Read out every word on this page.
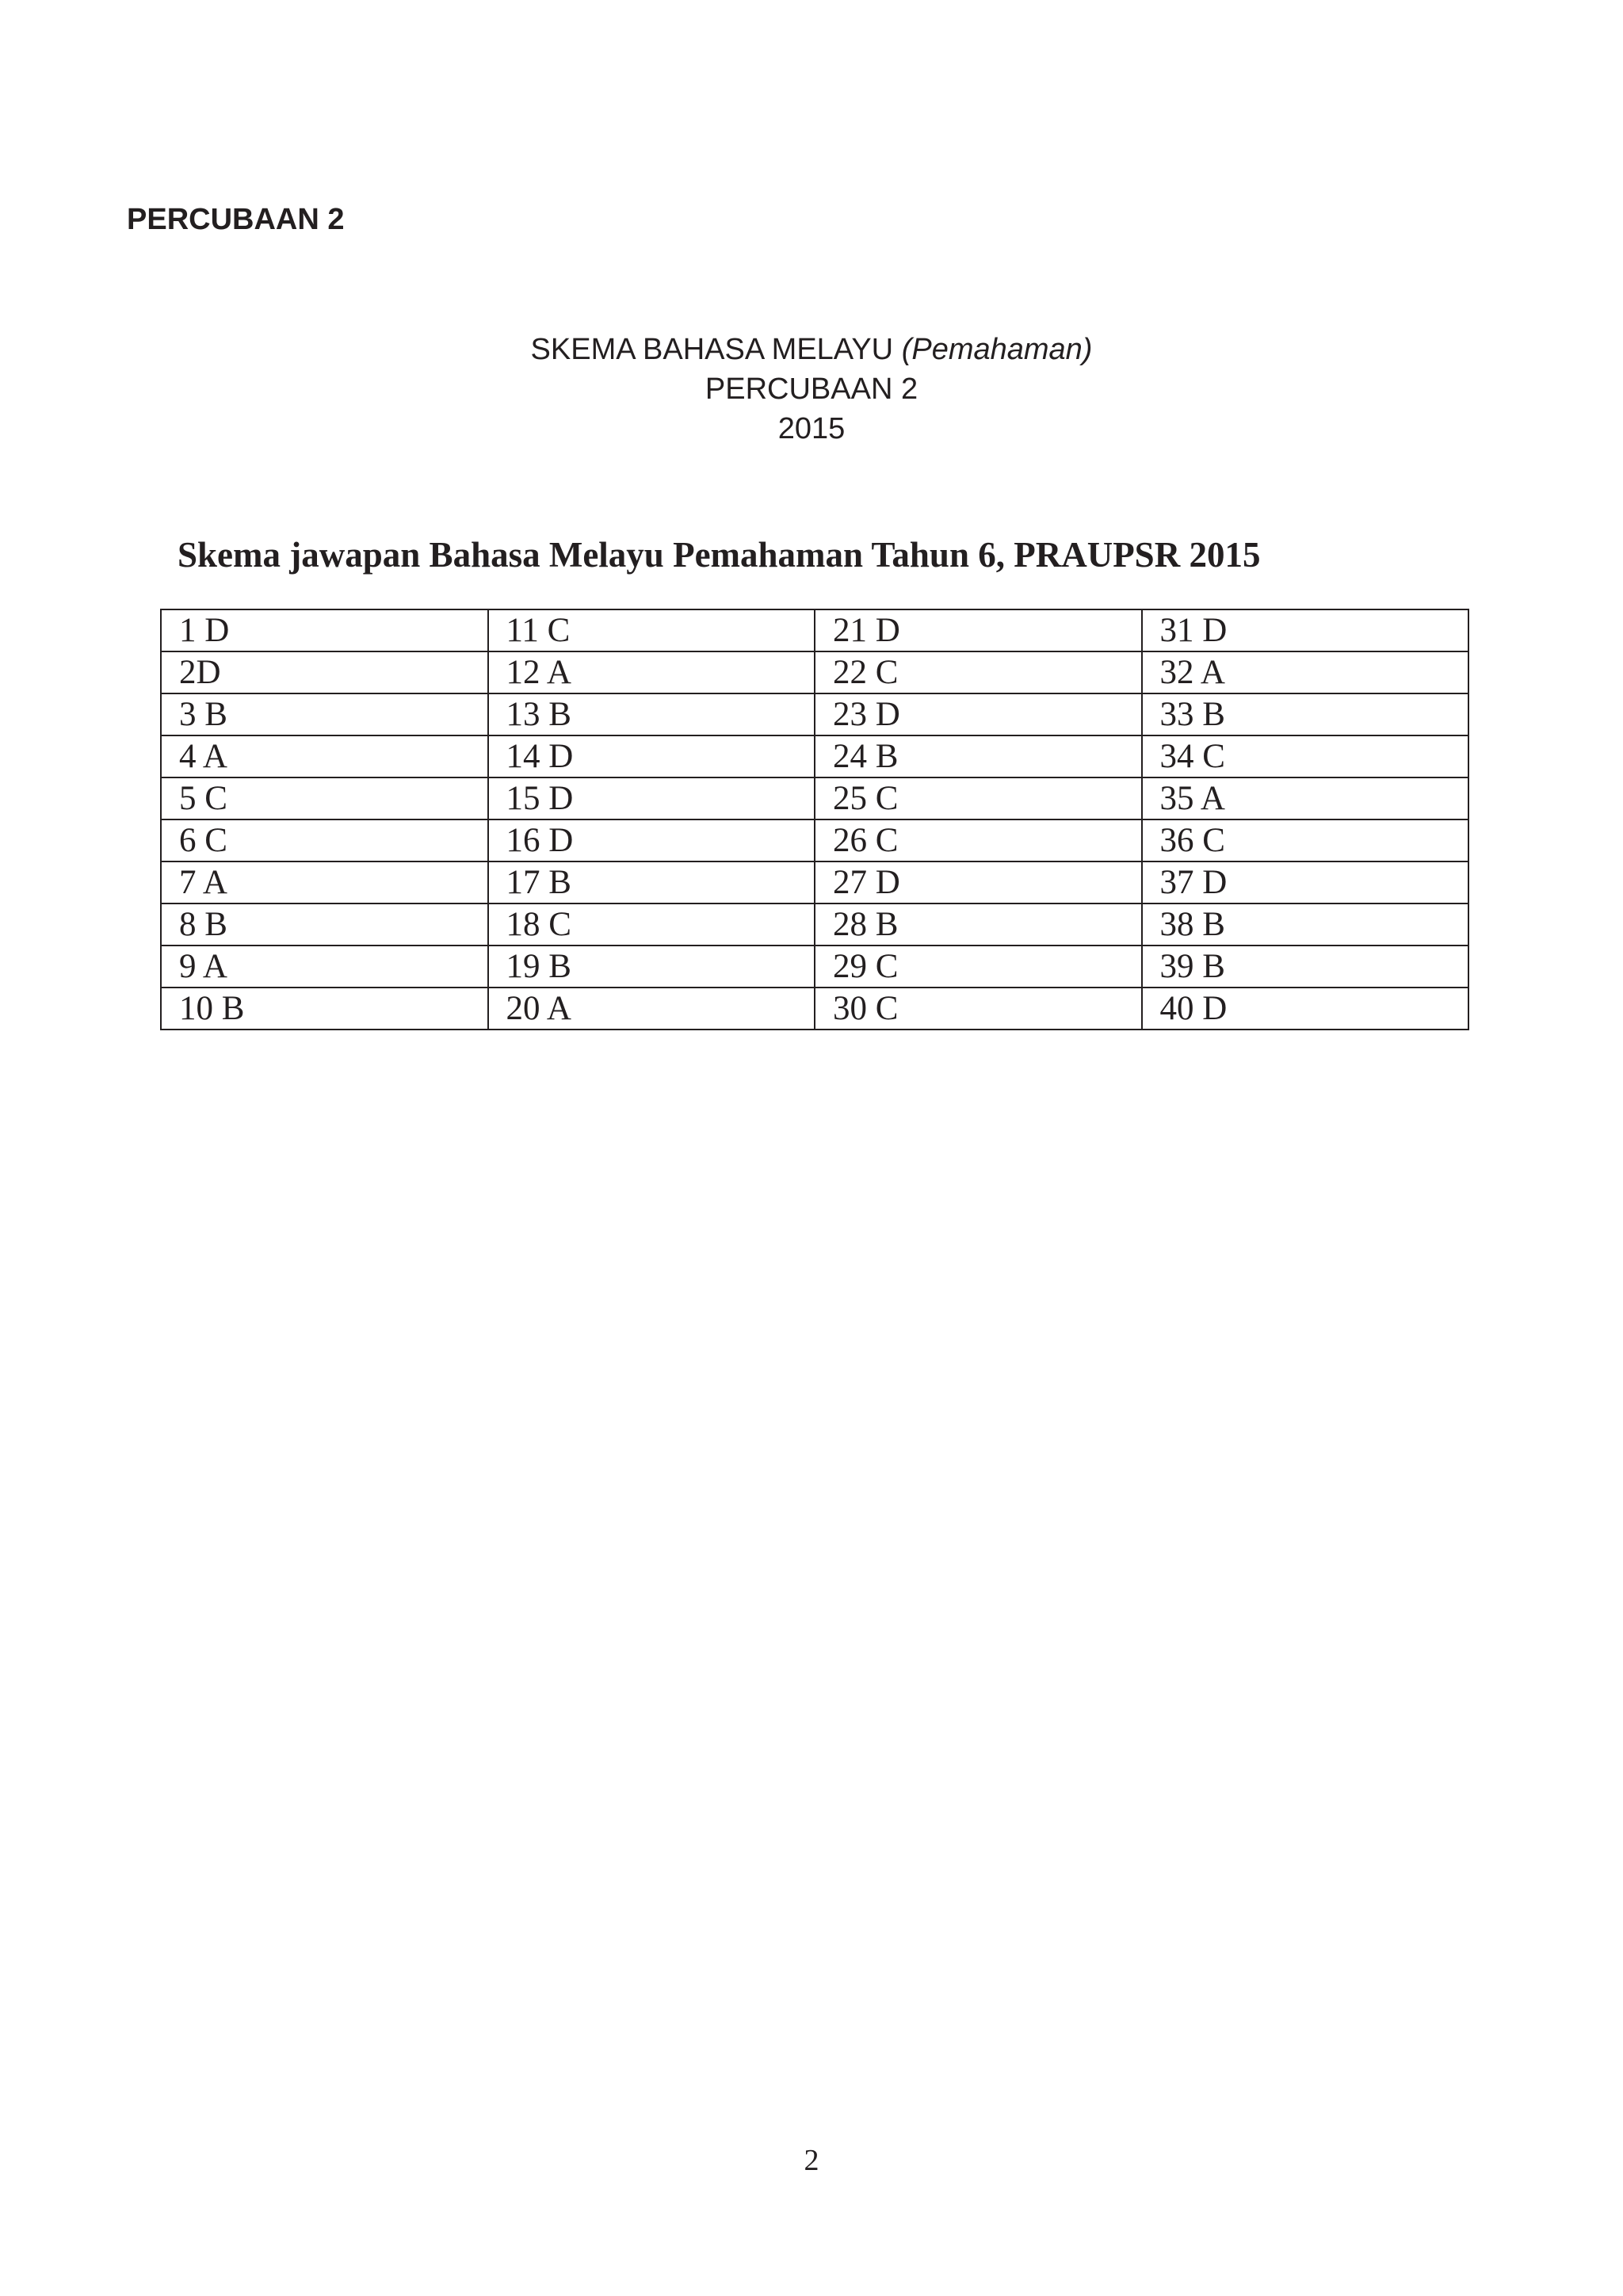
PERCUBAAN 2

SKEMA BAHASA MELAYU (Pemahaman)
PERCUBAAN 2
2015

Skema jawapan Bahasa Melayu Pemahaman Tahun 6, PRAUPSR 2015

1 D	11 C	21 D	31 D
2D	12 A	22 C	32 A
3 B	13 B	23 D	33 B
4 A	14 D	24 B	34 C
5 C	15 D	25 C	35 A
6 C	16 D	26 C	36 C
7 A	17 B	27 D	37 D
8 B	18 C	28 B	38 B
9 A	19 B	29 C	39 B
10 B	20 A	30 C	40 D
2
